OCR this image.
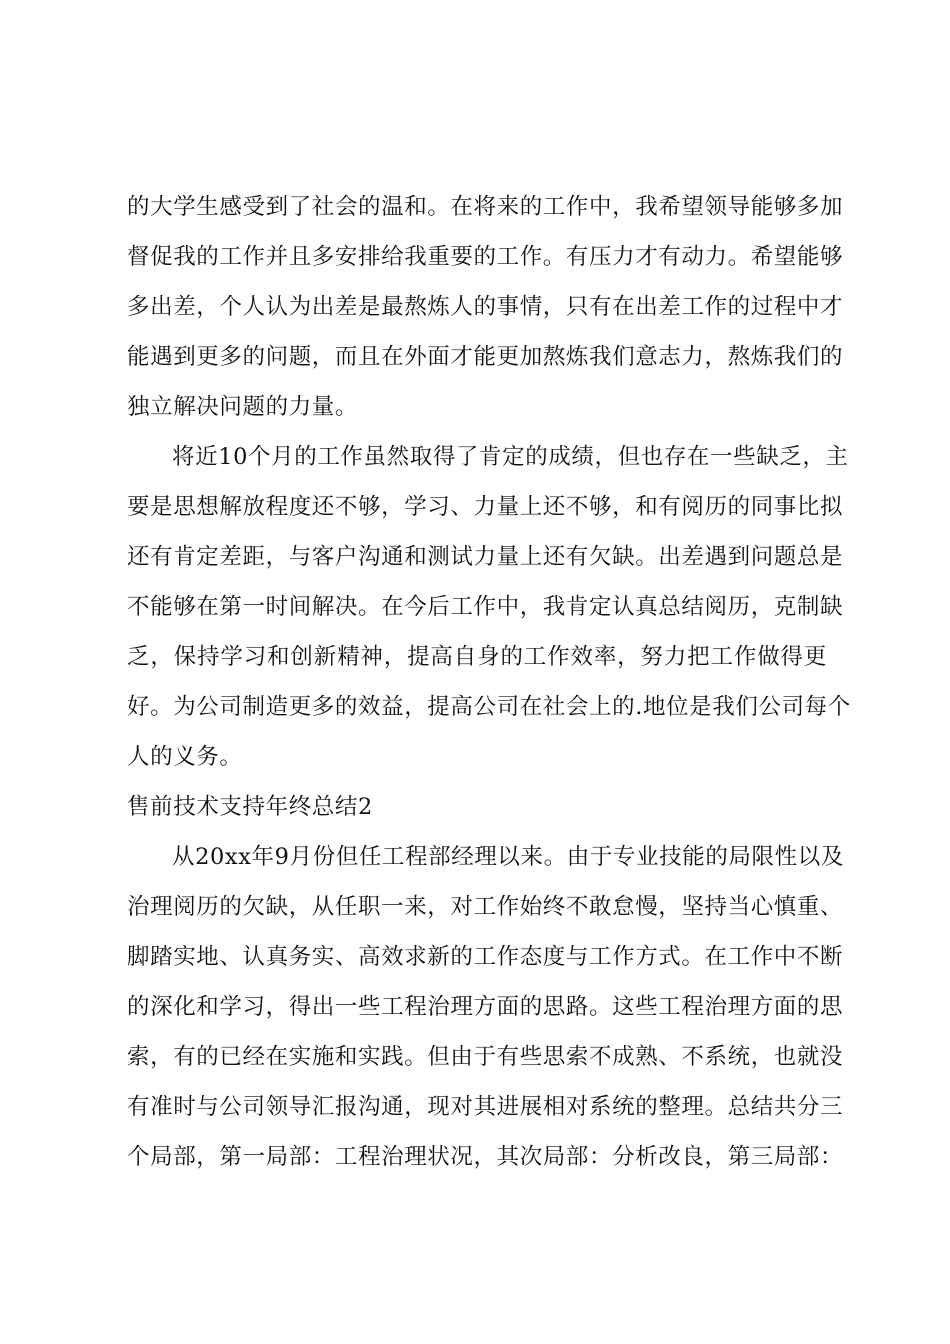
的大学生感受到了社会的温和。在将来的工作中，我希望领导能够多加
督促我的工作并且多安排给我重要的工作。有压力才有动力。希望能够
多出差，个人认为出差是最熬炼人的事情，只有在出差工作的过程中才
能遇到更多的问题，而且在外面才能更加熬炼我们意志力，熬炼我们的
独立解决问题的力量。
将近10个月的工作虽然取得了肯定的成绩，但也存在一些缺乏，主
要是思想解放程度还不够，学习、力量上还不够，和有阅历的同事比拟
还有肯定差距，与客户沟通和测试力量上还有欠缺。出差遇到问题总是
不能够在第一时间解决。在今后工作中，我肯定认真总结阅历，克制缺
乏，保持学习和创新精神，提高自身的工作效率，努力把工作做得更
好。为公司制造更多的效益，提高公司在社会上的.地位是我们公司每个
人的义务。
售前技术支持年终总结2
从20xx年9月份但任工程部经理以来。由于专业技能的局限性以及
治理阅历的欠缺，从任职一来，对工作始终不敢怠慢，坚持当心慎重、
脚踏实地、认真务实、高效求新的工作态度与工作方式。在工作中不断
的深化和学习，得出一些工程治理方面的思路。这些工程治理方面的思
索，有的已经在实施和实践。但由于有些思索不成熟、不系统，也就没
有准时与公司领导汇报沟通，现对其进展相对系统的整理。总结共分三
个局部，第一局部：工程治理状况，其次局部：分析改良，第三局部：
